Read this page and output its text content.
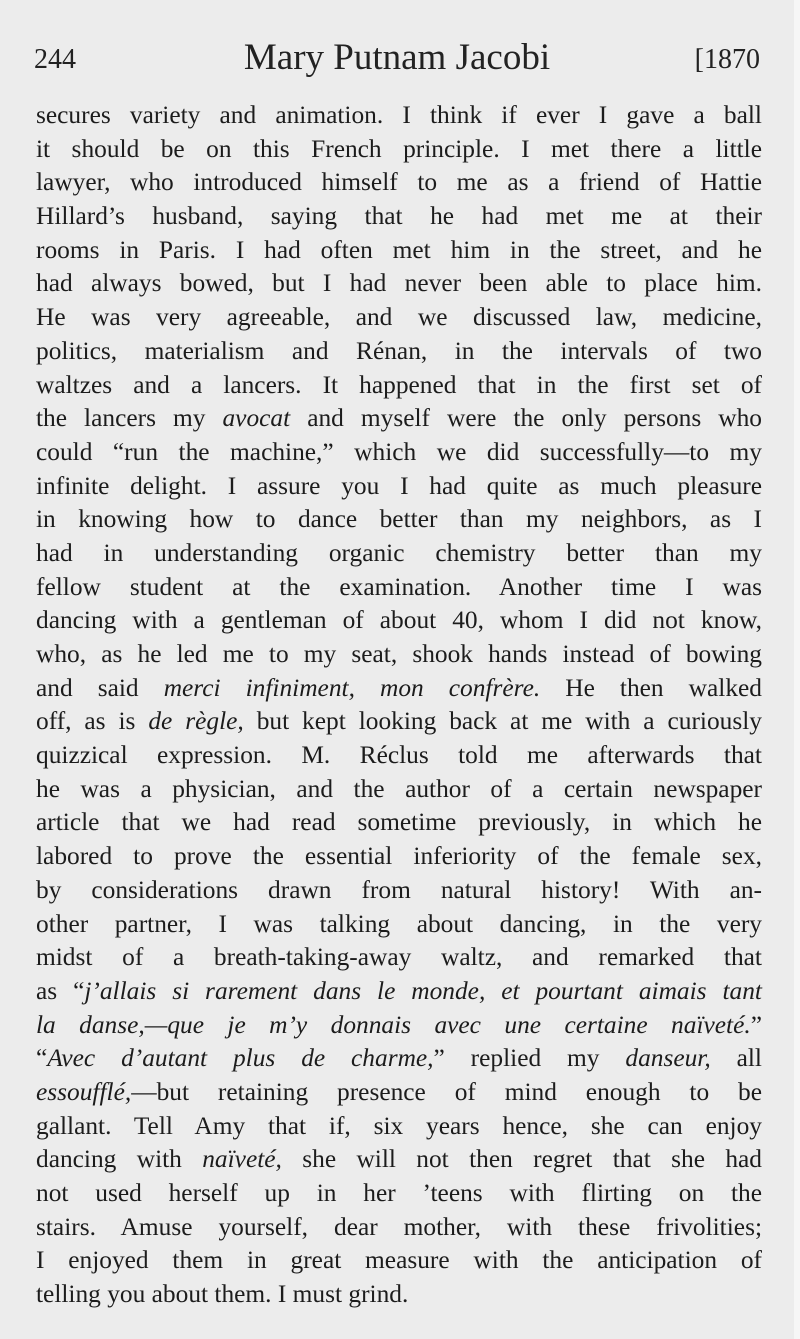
244	Mary Putnam Jacobi	[1870
secures variety and animation. I think if ever I gave a ball
it should be on this French principle. I met there a little
lawyer, who introduced himself to me as a friend of Hattie
Hillard’s husband, saying that he had met me at their
rooms in Paris. I had often met him in the street, and he
had always bowed, but I had never been able to place him.
He was very agreeable, and we discussed law, medicine,
politics, materialism and Rénan, in the intervals of two
waltzes and a lancers. It happened that in the first set of
the lancers my avocat and myself were the only persons who
could “run the machine,” which we did successfully—to my
infinite delight. I assure you I had quite as much pleasure
in knowing how to dance better than my neighbors, as I
had in understanding organic chemistry better than my
fellow student at the examination. Another time I was
dancing with a gentleman of about 40, whom I did not know,
who, as he led me to my seat, shook hands instead of bowing
and said merci infiniment, mon confrère. He then walked
off, as is de règle, but kept looking back at me with a curiously
quizzical expression. M. Réclus told me afterwards that
he was a physician, and the author of a certain newspaper
article that we had read sometime previously, in which he
labored to prove the essential inferiority of the female sex,
by considerations drawn from natural history! With an-
other partner, I was talking about dancing, in the very
midst of a breath-taking-away waltz, and remarked that
as “j’allais si rarement dans le monde, et pourtant aimais tant
la danse,—que je m’y donnais avec une certaine naïveté.”
“Avec d’autant plus de charme,” replied my danseur, all
essoufflé,—but retaining presence of mind enough to be
gallant. Tell Amy that if, six years hence, she can enjoy
dancing with naïveté, she will not then regret that she had
not used herself up in her ’teens with flirting on the
stairs. Amuse yourself, dear mother, with these frivolities;
I enjoyed them in great measure with the anticipation of
telling you about them. I must grind.
